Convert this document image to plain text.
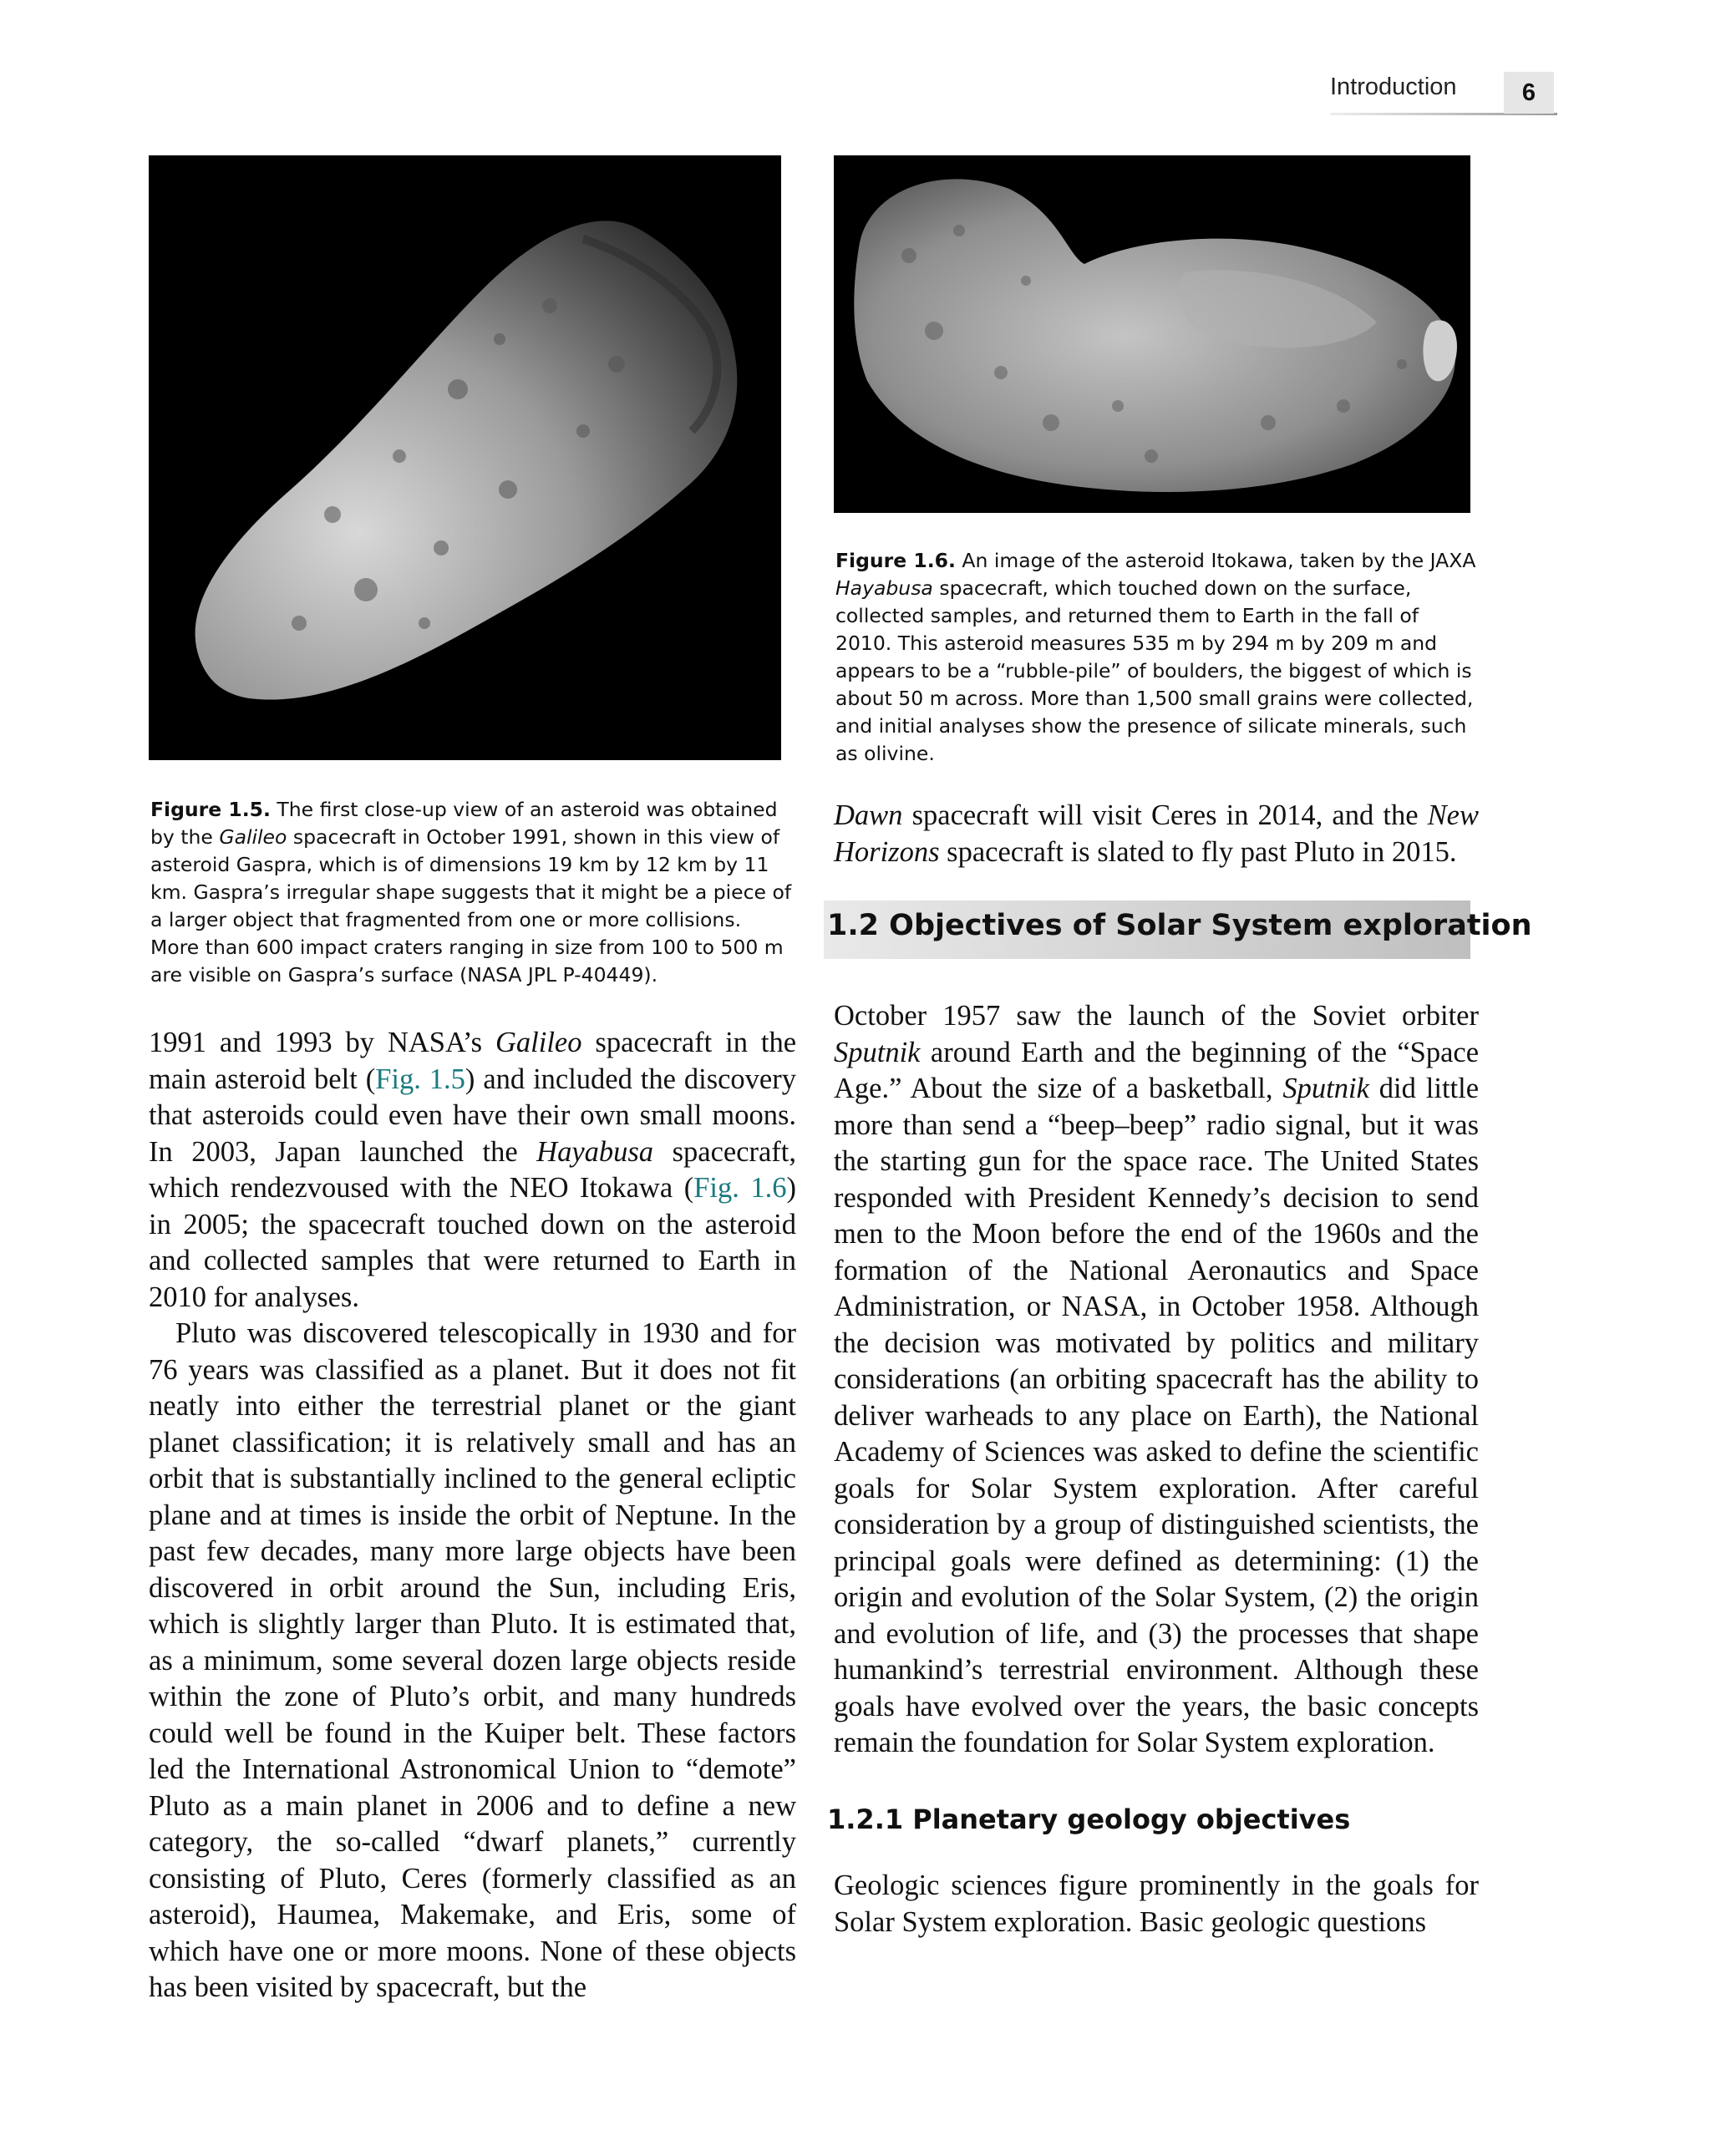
Introduction	6
Figure 1.6. An image of the asteroid Itokawa, taken by the JAXA Hayabusa spacecraft, which touched down on the surface, collected samples, and returned them to Earth in the fall of 2010. This asteroid measures 535 m by 294 m by 209 m and appears to be a “rubble-pile” of boulders, the biggest of which is about 50 m across. More than 1,500 small grains were collected, and initial analyses show the presence of silicate minerals, such as olivine.
Figure 1.5. The first close-up view of an asteroid was obtained by the Galileo spacecraft in October 1991, shown in this view of asteroid Gaspra, which is of dimensions 19 km by 12 km by 11 km. Gaspra’s irregular shape suggests that it might be a piece of a larger object that fragmented from one or more collisions. More than 600 impact craters ranging in size from 100 to 500 m are visible on Gaspra’s surface (NASA JPL P-40449).

1991 and 1993 by NASA’s Galileo spacecraft in the main asteroid belt (Fig. 1.5) and included the discovery that asteroids could even have their own small moons. In 2003, Japan launched the Hayabusa spacecraft, which rendezvoused with the NEO Itokawa (Fig. 1.6) in 2005; the spacecraft touched down on the asteroid and collected samples that were returned to Earth in 2010 for analyses.

Pluto was discovered telescopically in 1930 and for 76 years was classified as a planet. But it does not fit neatly into either the terrestrial planet or the giant planet classification; it is relatively small and has an orbit that is substantially inclined to the general ecliptic plane and at times is inside the orbit of Neptune. In the past few decades, many more large objects have been discovered in orbit around the Sun, including Eris, which is slightly larger than Pluto. It is estimated that, as a minimum, some several dozen large objects reside within the zone of Pluto’s orbit, and many hundreds could well be found in the Kuiper belt. These factors led the International Astronomical Union to “demote” Pluto as a main planet in 2006 and to define a new category, the so-called “dwarf planets,” currently consisting of Pluto, Ceres (formerly classified as an asteroid), Haumea, Makemake, and Eris, some of which have one or more moons. None of these objects has been visited by spacecraft, but the

Dawn spacecraft will visit Ceres in 2014, and the New Horizons spacecraft is slated to fly past Pluto in 2015.

1.2 Objectives of Solar System exploration

October 1957 saw the launch of the Soviet orbiter Sputnik around Earth and the beginning of the “Space Age.” About the size of a basketball, Sputnik did little more than send a “beep–beep” radio signal, but it was the starting gun for the space race. The United States responded with President Kennedy’s decision to send men to the Moon before the end of the 1960s and the formation of the National Aeronautics and Space Administration, or NASA, in October 1958. Although the decision was motivated by politics and military considerations (an orbiting spacecraft has the ability to deliver warheads to any place on Earth), the National Academy of Sciences was asked to define the scientific goals for Solar System exploration. After careful consideration by a group of distinguished scientists, the principal goals were defined as determining: (1) the origin and evolution of the Solar System, (2) the origin and evolution of life, and (3) the processes that shape humankind’s terrestrial environment. Although these goals have evolved over the years, the basic concepts remain the foundation for Solar System exploration.

1.2.1 Planetary geology objectives

Geologic sciences figure prominently in the goals for Solar System exploration. Basic geologic questions
